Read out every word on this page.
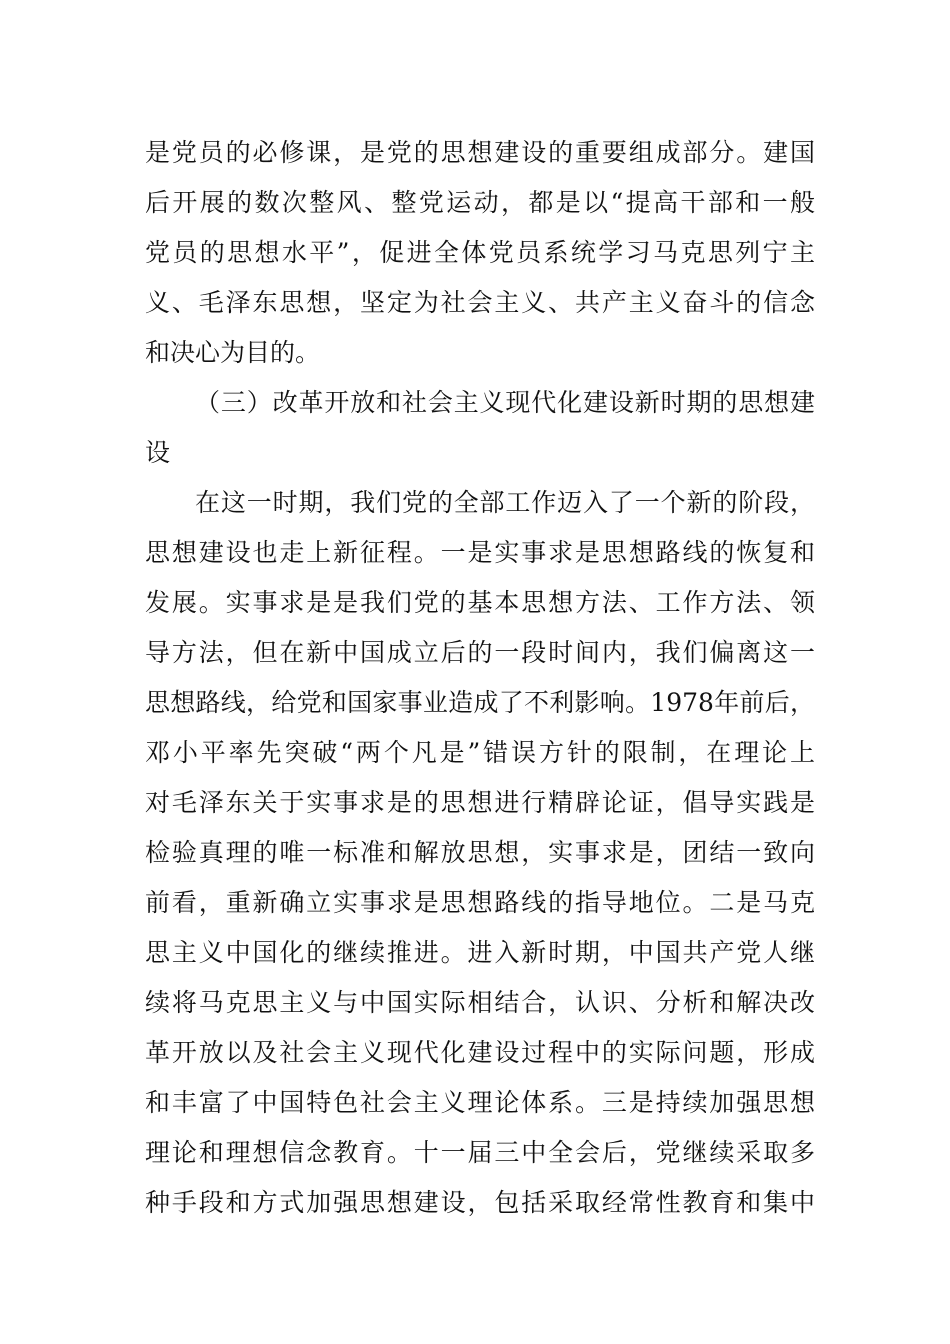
是党员的必修课，是党的思想建设的重要组成部分。建国
后开展的数次整风、整党运动，都是以“提高干部和一般
党员的思想水平”，促进全体党员系统学习马克思列宁主
义、毛泽东思想，坚定为社会主义、共产主义奋斗的信念
和决心为目的。
（三）改革开放和社会主义现代化建设新时期的思想建
设
在这一时期，我们党的全部工作迈入了一个新的阶段，
思想建设也走上新征程。一是实事求是思想路线的恢复和
发展。实事求是是我们党的基本思想方法、工作方法、领
导方法，但在新中国成立后的一段时间内，我们偏离这一
思想路线，给党和国家事业造成了不利影响。1978年前后，
邓小平率先突破“两个凡是”错误方针的限制，在理论上
对毛泽东关于实事求是的思想进行精辟论证，倡导实践是
检验真理的唯一标准和解放思想，实事求是，团结一致向
前看，重新确立实事求是思想路线的指导地位。二是马克
思主义中国化的继续推进。进入新时期，中国共产党人继
续将马克思主义与中国实际相结合，认识、分析和解决改
革开放以及社会主义现代化建设过程中的实际问题，形成
和丰富了中国特色社会主义理论体系。三是持续加强思想
理论和理想信念教育。十一届三中全会后，党继续采取多
种手段和方式加强思想建设，包括采取经常性教育和集中
